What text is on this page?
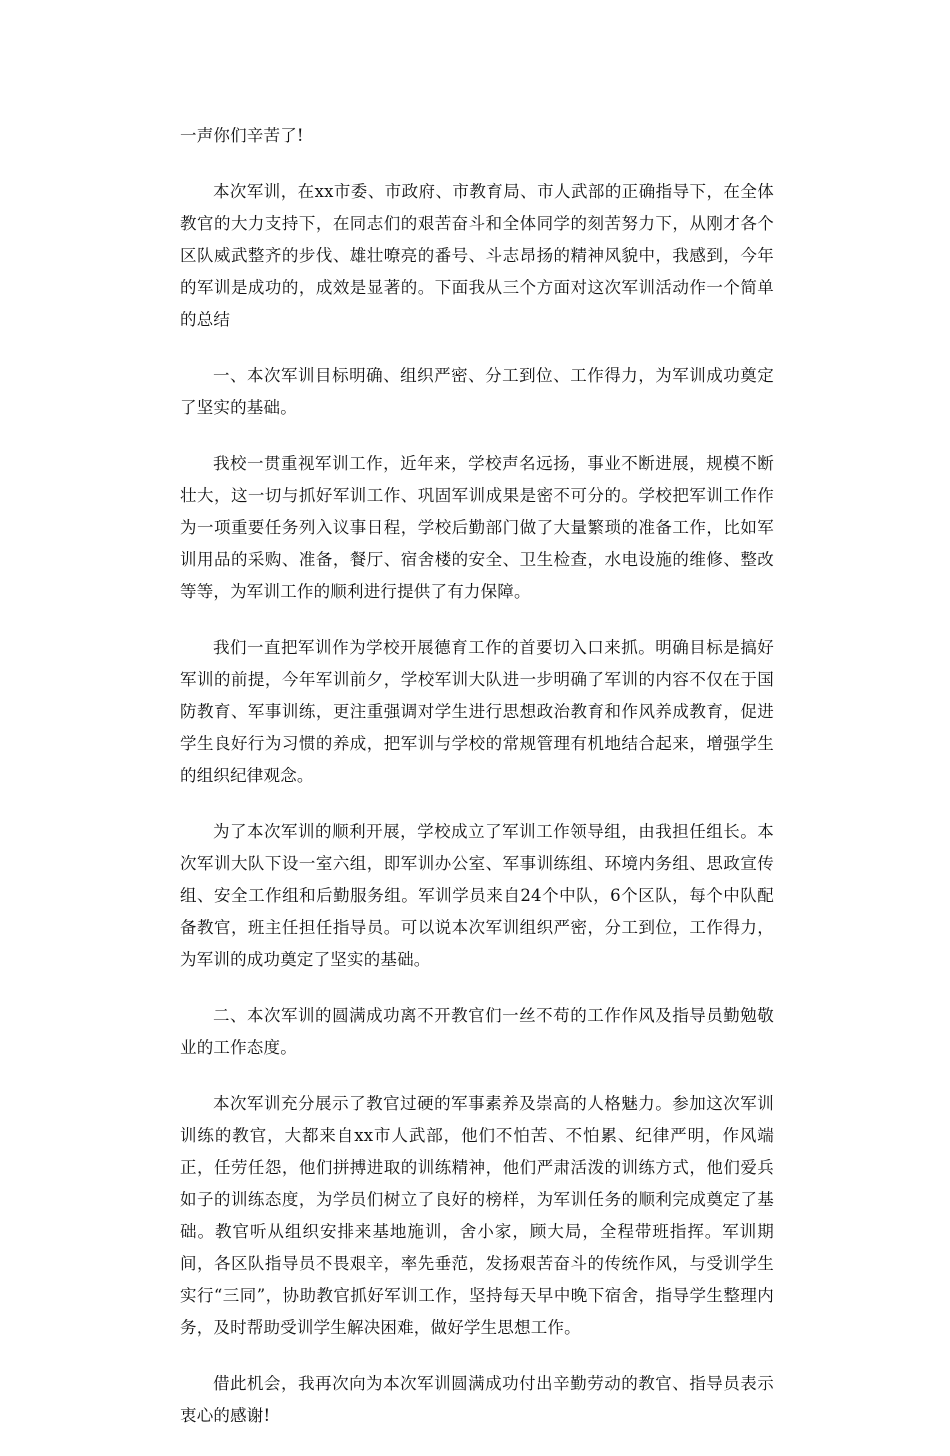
一声你们辛苦了!

本次军训，在xx市委、市政府、市教育局、市人武部的正确指导下，在全体教官的大力支持下，在同志们的艰苦奋斗和全体同学的刻苦努力下，从刚才各个区队威武整齐的步伐、雄壮嘹亮的番号、斗志昂扬的精神风貌中，我感到，今年的军训是成功的，成效是显著的。下面我从三个方面对这次军训活动作一个简单的总结

一、本次军训目标明确、组织严密、分工到位、工作得力，为军训成功奠定了坚实的基础。

我校一贯重视军训工作，近年来，学校声名远扬，事业不断进展，规模不断壮大，这一切与抓好军训工作、巩固军训成果是密不可分的。学校把军训工作作为一项重要任务列入议事日程，学校后勤部门做了大量繁琐的准备工作，比如军训用品的采购、准备，餐厅、宿舍楼的安全、卫生检查，水电设施的维修、整改等等，为军训工作的顺利进行提供了有力保障。

我们一直把军训作为学校开展德育工作的首要切入口来抓。明确目标是搞好军训的前提，今年军训前夕，学校军训大队进一步明确了军训的内容不仅在于国防教育、军事训练，更注重强调对学生进行思想政治教育和作风养成教育，促进学生良好行为习惯的养成，把军训与学校的常规管理有机地结合起来，增强学生的组织纪律观念。

为了本次军训的顺利开展，学校成立了军训工作领导组，由我担任组长。本次军训大队下设一室六组，即军训办公室、军事训练组、环境内务组、思政宣传组、安全工作组和后勤服务组。军训学员来自24个中队，6个区队，每个中队配备教官，班主任担任指导员。可以说本次军训组织严密，分工到位，工作得力，为军训的成功奠定了坚实的基础。

二、本次军训的圆满成功离不开教官们一丝不苟的工作作风及指导员勤勉敬业的工作态度。

本次军训充分展示了教官过硬的军事素养及崇高的人格魅力。参加这次军训训练的教官，大都来自xx市人武部，他们不怕苦、不怕累、纪律严明，作风端正，任劳任怨，他们拼搏进取的训练精神，他们严肃活泼的训练方式，他们爱兵如子的训练态度，为学员们树立了良好的榜样，为军训任务的顺利完成奠定了基础。教官听从组织安排来基地施训，舍小家，顾大局，全程带班指挥。军训期间，各区队指导员不畏艰辛，率先垂范，发扬艰苦奋斗的传统作风，与受训学生实行“三同”，协助教官抓好军训工作，坚持每天早中晚下宿舍，指导学生整理内务，及时帮助受训学生解决困难，做好学生思想工作。

借此机会，我再次向为本次军训圆满成功付出辛勤劳动的教官、指导员表示衷心的感谢!
